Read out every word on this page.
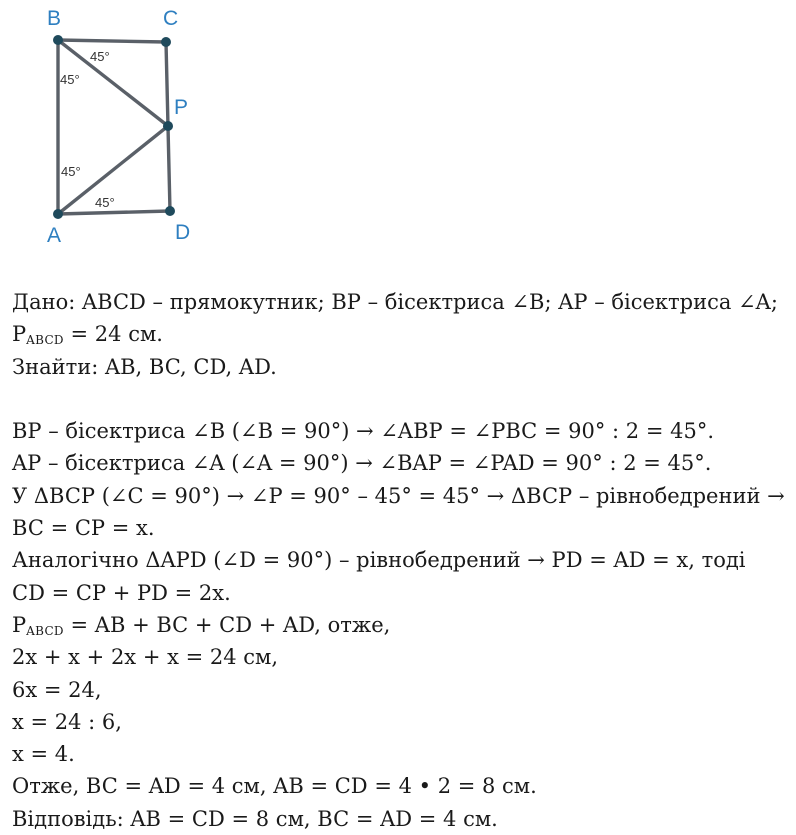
B	C
P
A	D
45°
45°
45°
45°
Дано: ABCD – прямокутник; BP – бісектриса ∠B; AP – бісектриса ∠A;
$P_{ABCD} = 24$ см.
Знайти: AB, BC, CD, AD.
BP – бісектриса ∠B (∠B = 90°) → ∠ABP = ∠PBC = 90° : 2 = 45°.
AP – бісектриса ∠A (∠A = 90°) → ∠BAP = ∠PAD = 90° : 2 = 45°.
У ΔBCP (∠C = 90°) → ∠P = 90° – 45° = 45° → ΔBCP – рівнобедрений →
BC = CP = x.
Аналогічно ΔAPD (∠D = 90°) – рівнобедрений → PD = AD = x, тоді
CD = CP + PD = 2x.
$P_{ABCD}$ = AB + BC + CD + AD, отже,
2x + x + 2x + x = 24 см,
6x = 24,
x = 24 : 6,
x = 4.
Отже, BC = AD = 4 см, AB = CD = 4 • 2 = 8 см.
Відповідь: AB = CD = 8 см, BC = AD = 4 см.
